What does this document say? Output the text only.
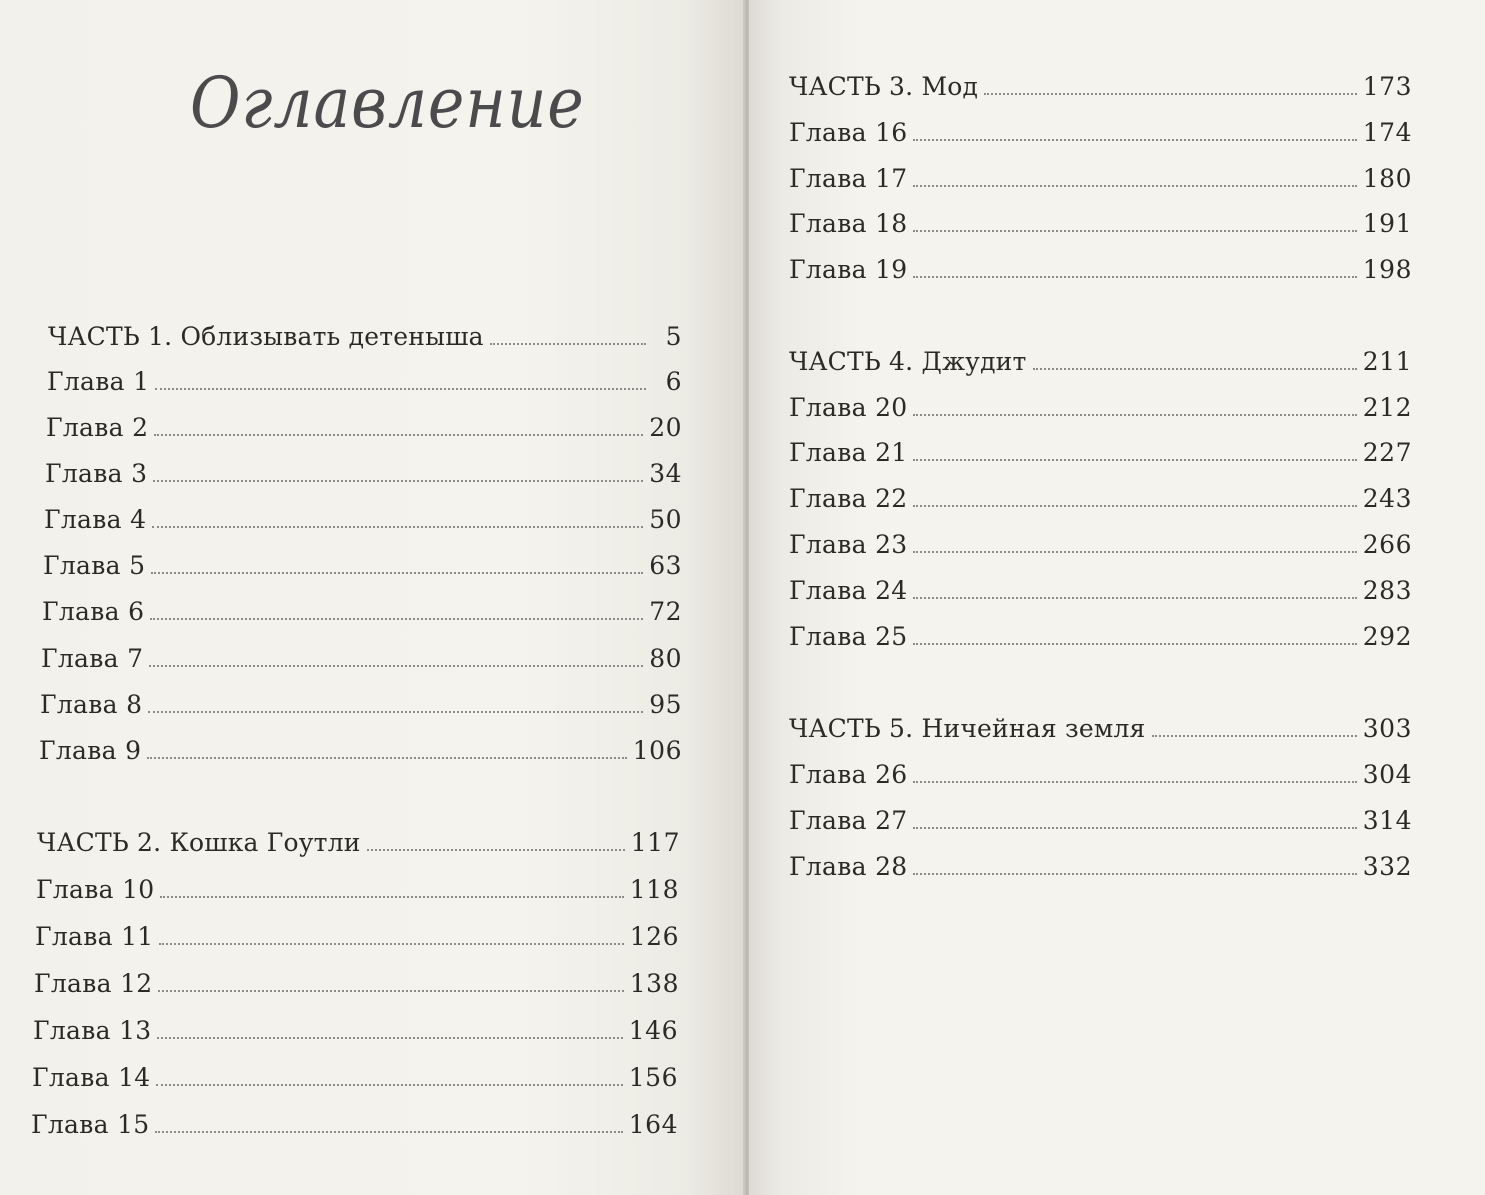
Оглавление
ЧАСТЬ 1. Облизывать детеныша	5
Глава 1	6
Глава 2	20
Глава 3	34
Глава 4	50
Глава 5	63
Глава 6	72
Глава 7	80
Глава 8	95
Глава 9	106
ЧАСТЬ 2. Кошка Гоутли	117
Глава 10	118
Глава 11	126
Глава 12	138
Глава 13	146
Глава 14	156
Глава 15	164
ЧАСТЬ 3. Мод	173
Глава 16	174
Глава 17	180
Глава 18	191
Глава 19	198
ЧАСТЬ 4. Джудит	211
Глава 20	212
Глава 21	227
Глава 22	243
Глава 23	266
Глава 24	283
Глава 25	292
ЧАСТЬ 5. Ничейная земля	303
Глава 26	304
Глава 27	314
Глава 28	332
